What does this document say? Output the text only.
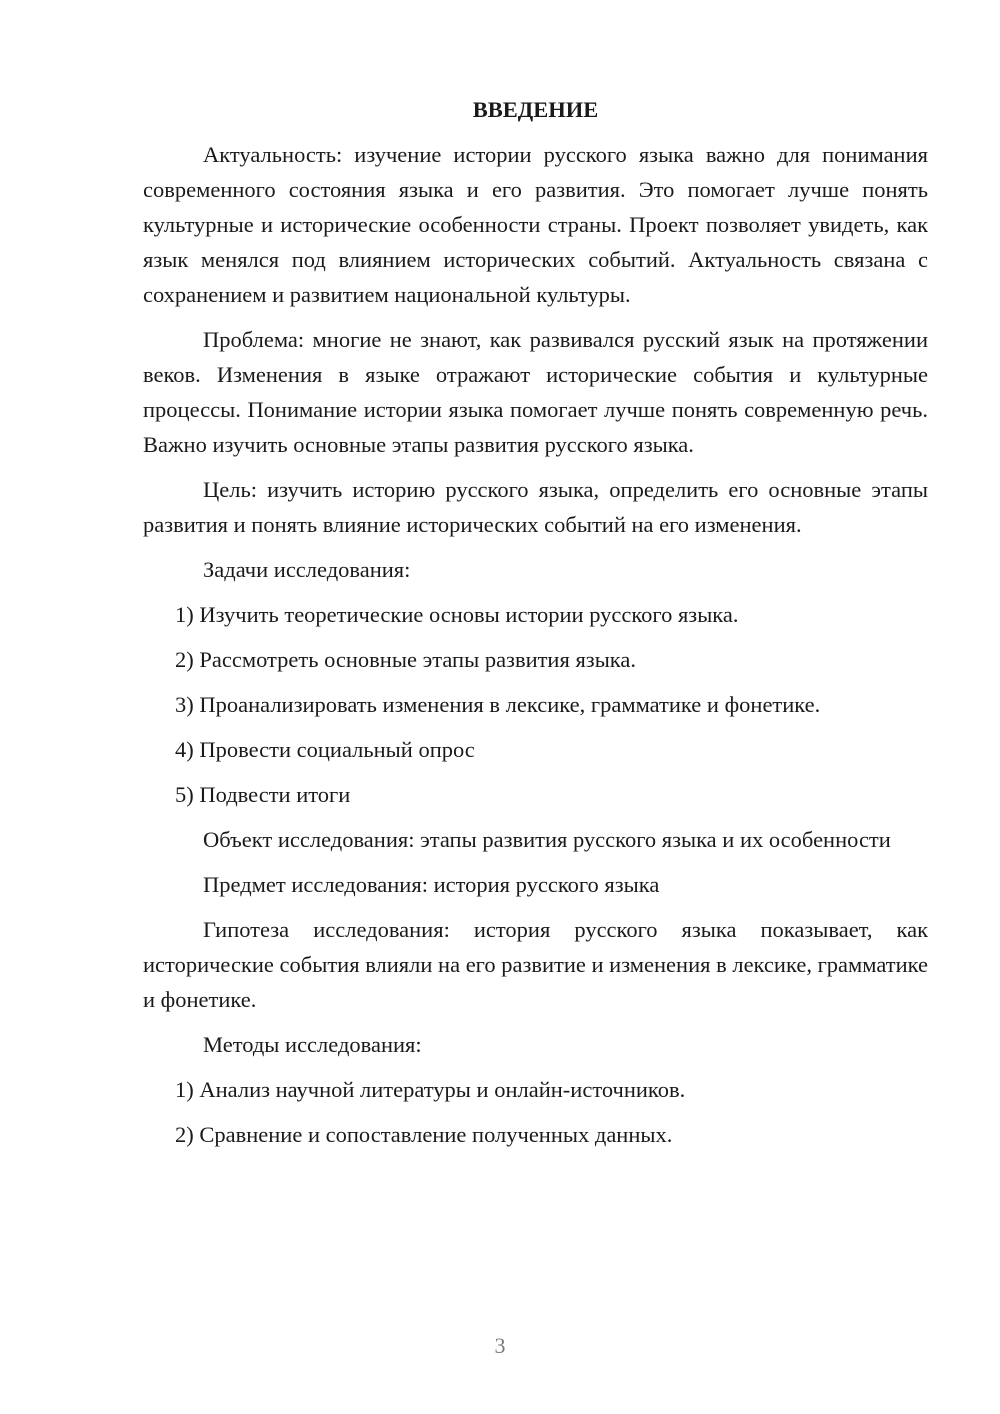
ВВЕДЕНИЕ

Актуальность: изучение истории русского языка важно для понимания современного состояния языка и его развития. Это помогает лучше понять культурные и исторические особенности страны. Проект позволяет увидеть, как язык менялся под влиянием исторических событий. Актуальность связана с сохранением и развитием национальной культуры.

Проблема: многие не знают, как развивался русский язык на протяжении веков. Изменения в языке отражают исторические события и культурные процессы. Понимание истории языка помогает лучше понять современную речь. Важно изучить основные этапы развития русского языка.

Цель: изучить историю русского языка, определить его основные этапы развития и понять влияние исторических событий на его изменения.

Задачи исследования:

1) Изучить теоретические основы истории русского языка.

2) Рассмотреть основные этапы развития языка.

3) Проанализировать изменения в лексике, грамматике и фонетике.

4) Провести социальный опрос

5) Подвести итоги

Объект исследования: этапы развития русского языка и их особенности

Предмет исследования: история русского языка

Гипотеза исследования: история русского языка показывает, как исторические события влияли на его развитие и изменения в лексике, грамматике и фонетике.

Методы исследования:

1) Анализ научной литературы и онлайн-источников.

2) Сравнение и сопоставление полученных данных.

3
